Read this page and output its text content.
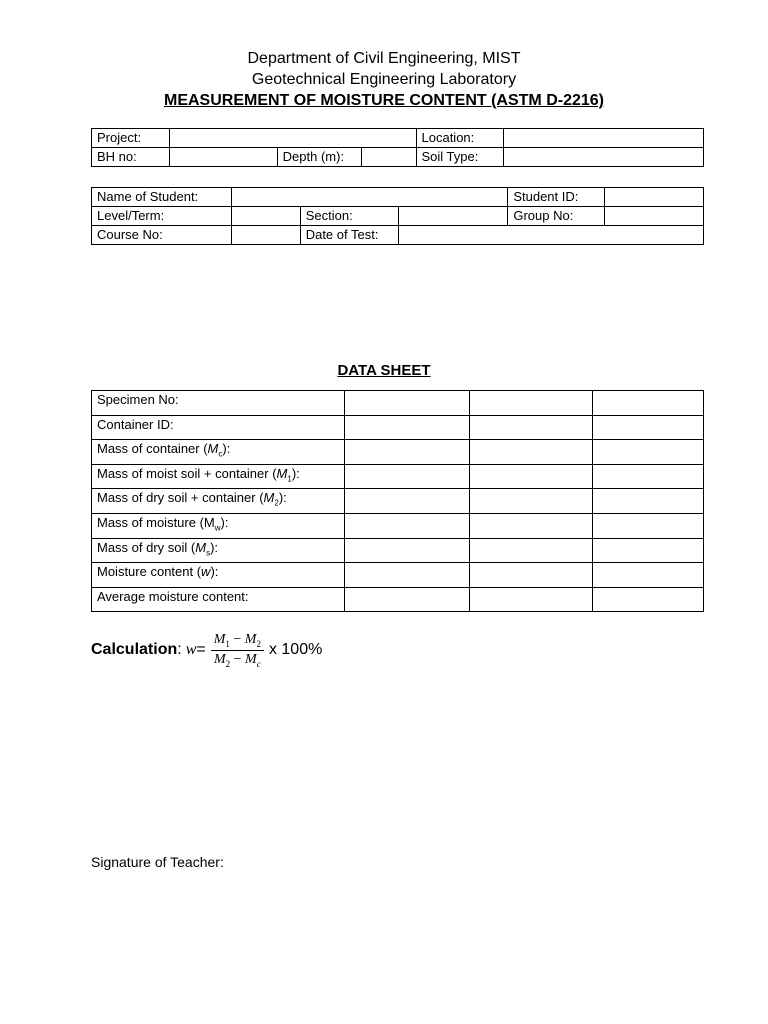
Department of Civil Engineering, MIST
Geotechnical Engineering Laboratory
MEASUREMENT OF MOISTURE CONTENT (ASTM D-2216)
Project:				Location:	
BH no:		Depth (m):		Soil Type:	
Name of Student:				Student ID:	
Level/Term:		Section:		Group No:	
Course No:		Date of Test:			
DATA SHEET
Specimen No:			
Container ID:			
Mass of container $(M_c)$:			
Mass of moist soil + container $(M_1)$:			
Mass of dry soil + container $(M_2)$:			
Mass of moisture $(M_w)$:			
Mass of dry soil $(M_s)$:			
Moisture content (w):			
Average moisture content:			
Calculation : $w = \frac{M_1 - M_2}{M_2 - M_c}$ x 100%
Signature of Teacher:
